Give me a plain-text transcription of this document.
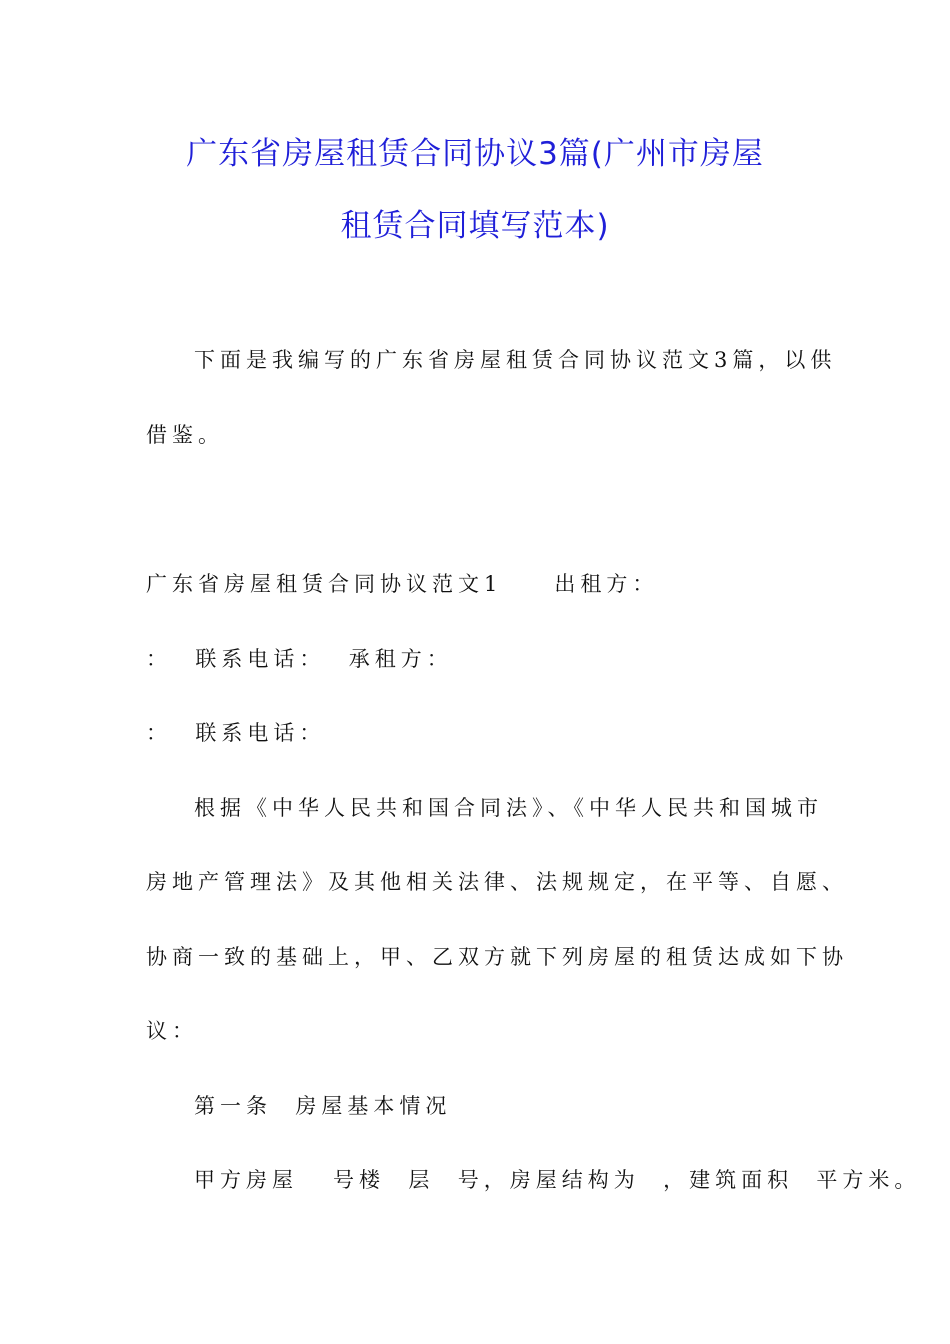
广东省房屋租赁合同协议3篇(广州市房屋
租赁合同填写范本)
下面是我编写的广东省房屋租赁合同协议范文3篇，以供
借鉴。
广东省房屋租赁合同协议范文1　　出租方：
：  联系电话：  承租方：
：  联系电话：
根据《中华人民共和国合同法》、《中华人民共和国城市
房地产管理法》及其他相关法律、法规规定，在平等、自愿、
协商一致的基础上，甲、乙双方就下列房屋的租赁达成如下协
议：
第一条  房屋基本情况
甲方房屋   号楼  层  号，房屋结构为  ，建筑面积  平方米。
